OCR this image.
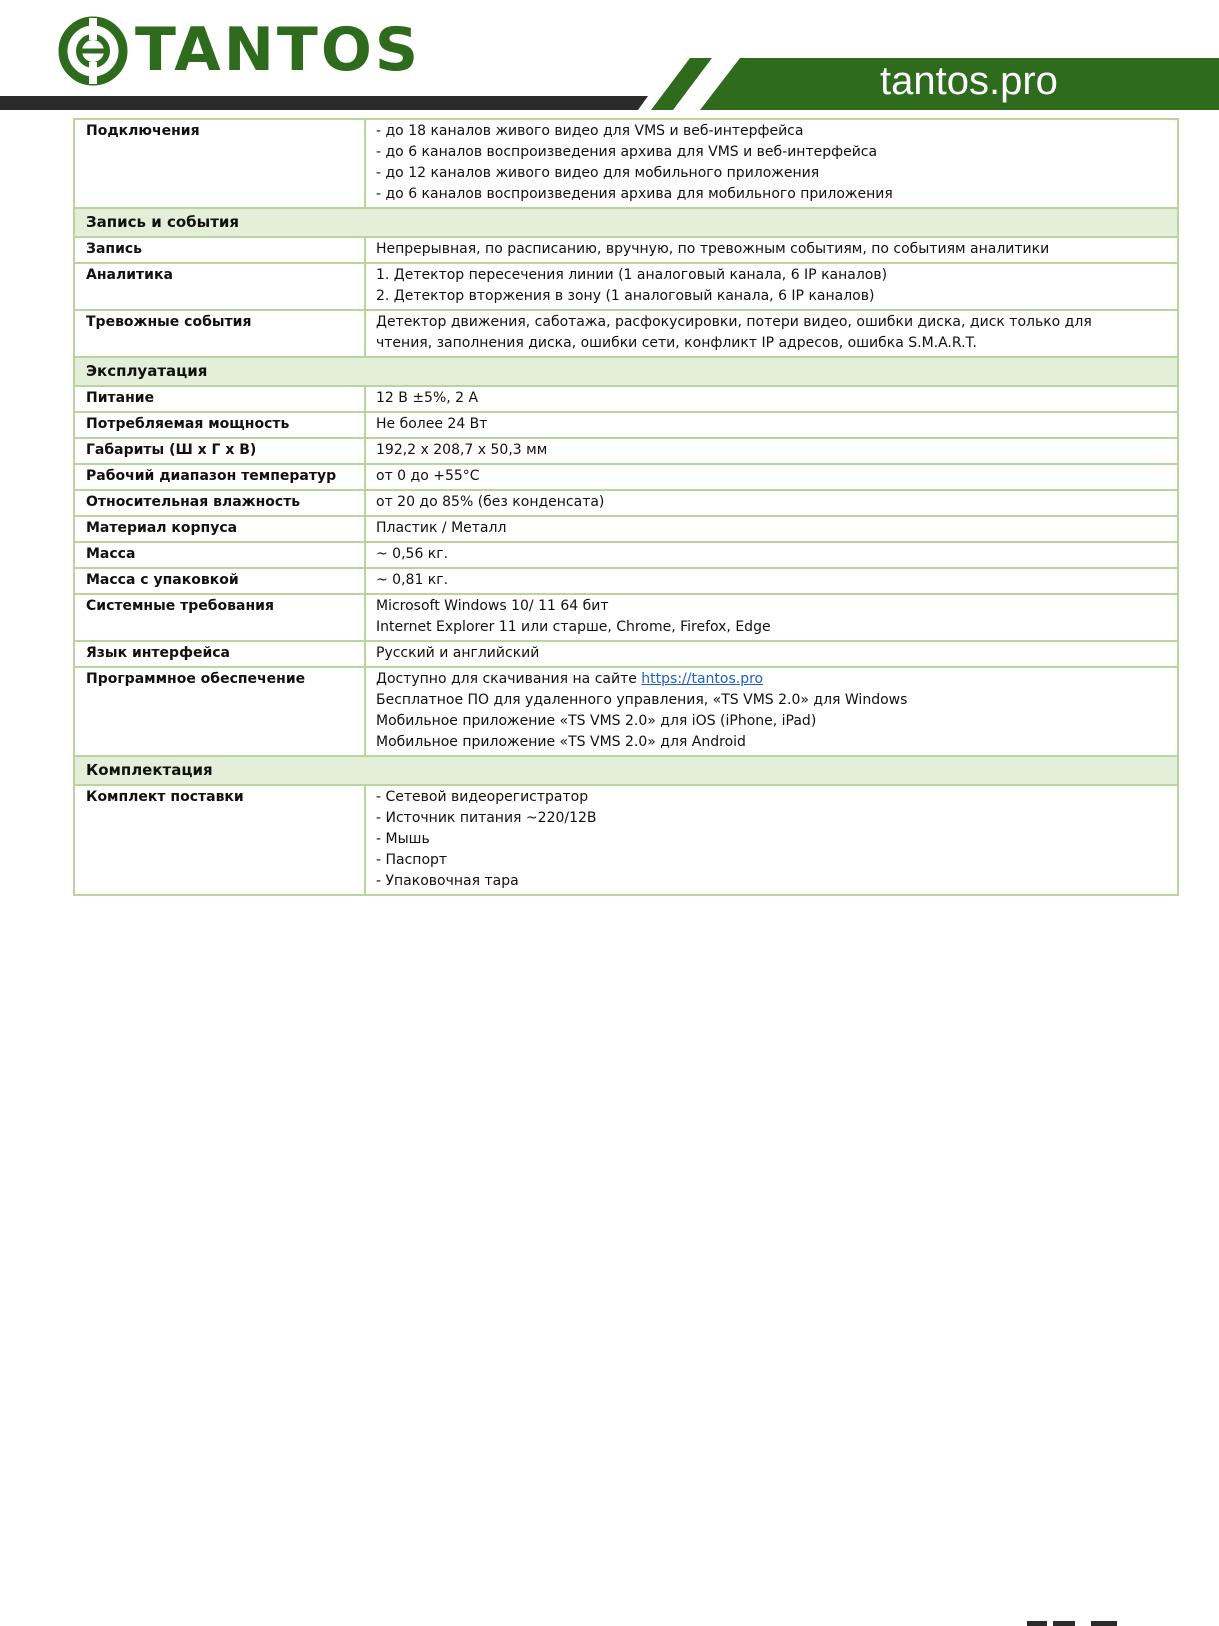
TANTOS	tantos.pro
Подключения	- до 18 каналов живого видео для VMS и веб-интерфейса
- до 6 каналов воспроизведения архива для VMS и веб-интерфейса
- до 12 каналов живого видео для мобильного приложения
- до 6 каналов воспроизведения архива для мобильного приложения

Запись и события	
Запись	Непрерывная, по расписанию, вручную, по тревожным событиям, по событиям аналитики

Аналитика	1. Детектор пересечения линии (1 аналоговый канала, 6 IP каналов)
2. Детектор вторжения в зону (1 аналоговый канала, 6 IP каналов)

Тревожные события	Детектор движения, саботажа, расфокусировки, потери видео, ошибки диска, диск только для
чтения, заполнения диска, ошибки сети, конфликт IP адресов, ошибка S.M.A.R.T.

Эксплуатация	
Питание	12 В ±5%, 2 А

Потребляемая мощность	Не более 24 Вт

Габариты (Ш х Г х В)	192,2 x 208,7 x 50,3 мм

Рабочий диапазон температур	от 0 до +55°С

Относительная влажность	от 20 до 85% (без конденсата)

Материал корпуса	Пластик / Металл

Масса	~ 0,56 кг.

Масса с упаковкой	~ 0,81 кг.

Системные требования	Microsoft Windows 10/ 11 64 бит
Internet Explorer 11 или старше, Chrome, Firefox, Edge

Язык интерфейса	Русский и английский

Программное обеспечение	Доступно для скачивания на сайте https://tantos.pro
Бесплатное ПО для удаленного управления, «TS VMS 2.0» для Windows
Мобильное приложение «TS VMS 2.0» для iOS (iPhone, iPad)
Мобильное приложение «TS VMS 2.0» для Android

Комплектация	
Комплект поставки	- Сетевой видеорегистратор
- Источник питания ~220/12В
- Мышь
- Паспорт
- Упаковочная тара
